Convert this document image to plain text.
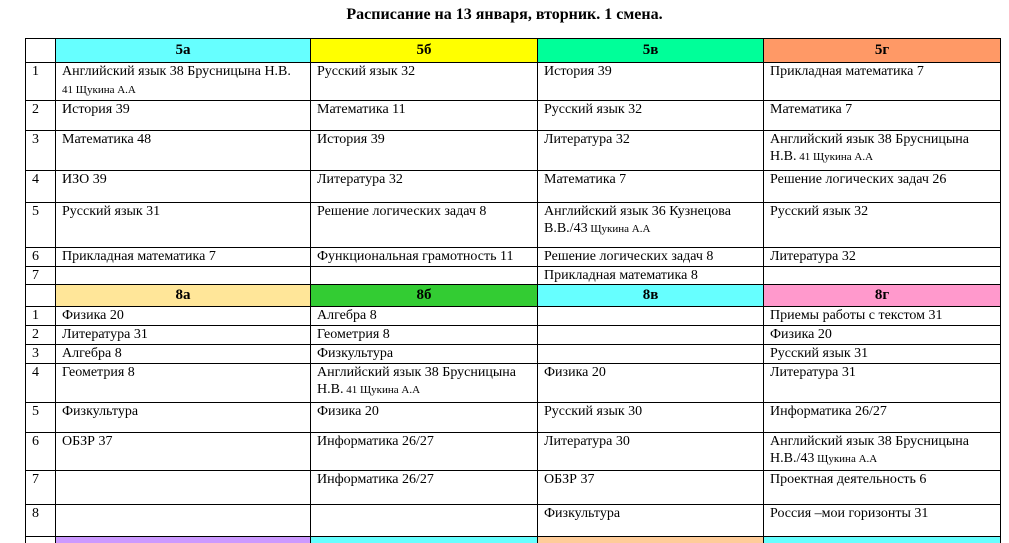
Расписание на 13 января, вторник. 1 смена.
	5а	5б	5в	5г
1	Английский язык 38 Брусницына Н.В. 41 Щукина А.А	Русский язык 32	История 39	Прикладная математика 7
2	История 39	Математика 11	Русский язык 32	Математика 7
3	Математика 48	История 39	Литература 32	Английский язык 38 Брусницына Н.В. 41 Щукина А.А
4	ИЗО 39	Литература 32	Математика 7	Решение логических задач 26
5	Русский язык 31	Решение логических задач 8	Английский язык 36 Кузнецова В.В./43 Щукина А.А	Русский язык 32
6	Прикладная математика 7	Функциональная грамотность 11	Решение логических задач 8	Литература 32
7			Прикладная математика 8	
	8а	8б	8в	8г
1	Физика 20	Алгебра 8		Приемы работы с текстом 31
2	Литература 31	Геометрия 8		Физика 20
3	Алгебра 8	Физкультура		Русский язык 31
4	Геометрия 8	Английский язык 38 Брусницына Н.В. 41 Щукина А.А	Физика 20	Литература 31
5	Физкультура	Физика 20	Русский язык 30	Информатика 26/27
6	ОБЗР 37	Информатика 26/27	Литература 30	Английский язык 38 Брусницына Н.В./43 Щукина А.А
7		Информатика 26/27	ОБЗР 37	Проектная деятельность 6
8			Физкультура	Россия –мои горизонты 31
